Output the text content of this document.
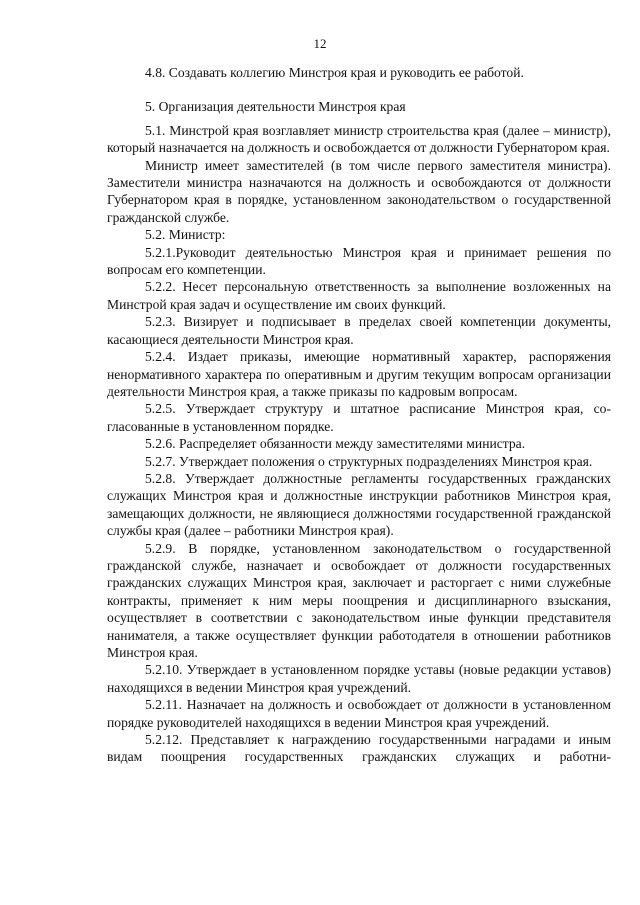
12

4.8. Создавать коллегию Минстроя края и руководить ее работой.

5. Организация деятельности Минстроя края

5.1. Минстрой края возглавляет министр строительства края (далее – министр), который назначается на должность и освобождается от должности Губернатором края.

Министр имеет заместителей (в том числе первого заместителя министра). Заместители министра назначаются на должность и освобождаются от должности Губернатором края в порядке, установленном законодательством о государственной гражданской службе.

5.2. Министр:

5.2.1.Руководит деятельностью Минстроя края и принимает решения по вопросам его компетенции.

5.2.2. Несет персональную ответственность за выполнение возложенных на Минстрой края задач и осуществление им своих функций.

5.2.3. Визирует и подписывает в пределах своей компетенции документы, касающиеся деятельности Минстроя края.

5.2.4. Издает приказы, имеющие нормативный характер, распоряжения ненормативного характера по оперативным и другим текущим вопросам организации деятельности Минстроя края, а также приказы по кадровым вопросам.

5.2.5. Утверждает структуру и штатное расписание Минстроя края, согласованные в установленном порядке.

5.2.6. Распределяет обязанности между заместителями министра.

5.2.7. Утверждает положения о структурных подразделениях Минстроя края.

5.2.8. Утверждает должностные регламенты государственных гражданских служащих Минстроя края и должностные инструкции работников Минстроя края, замещающих должности, не являющиеся должностями государственной гражданской службы края (далее – работники Минстроя края).

5.2.9. В порядке, установленном законодательством о государственной гражданской службе, назначает и освобождает от должности государственных гражданских служащих Минстроя края, заключает и расторгает с ними служебные контракты, применяет к ним меры поощрения и дисциплинарного взыскания, осуществляет в соответствии с законодательством иные функции представителя нанимателя, а также осуществляет функции работодателя в отношении работников Минстроя края.

5.2.10. Утверждает в установленном порядке уставы (новые редакции уставов) находящихся в ведении Минстроя края учреждений.

5.2.11. Назначает на должность и освобождает от должности в установленном порядке руководителей находящихся в ведении Минстроя края учреждений.

5.2.12. Представляет к награждению государственными наградами и иным видам поощрения государственных гражданских служащих и работни-
